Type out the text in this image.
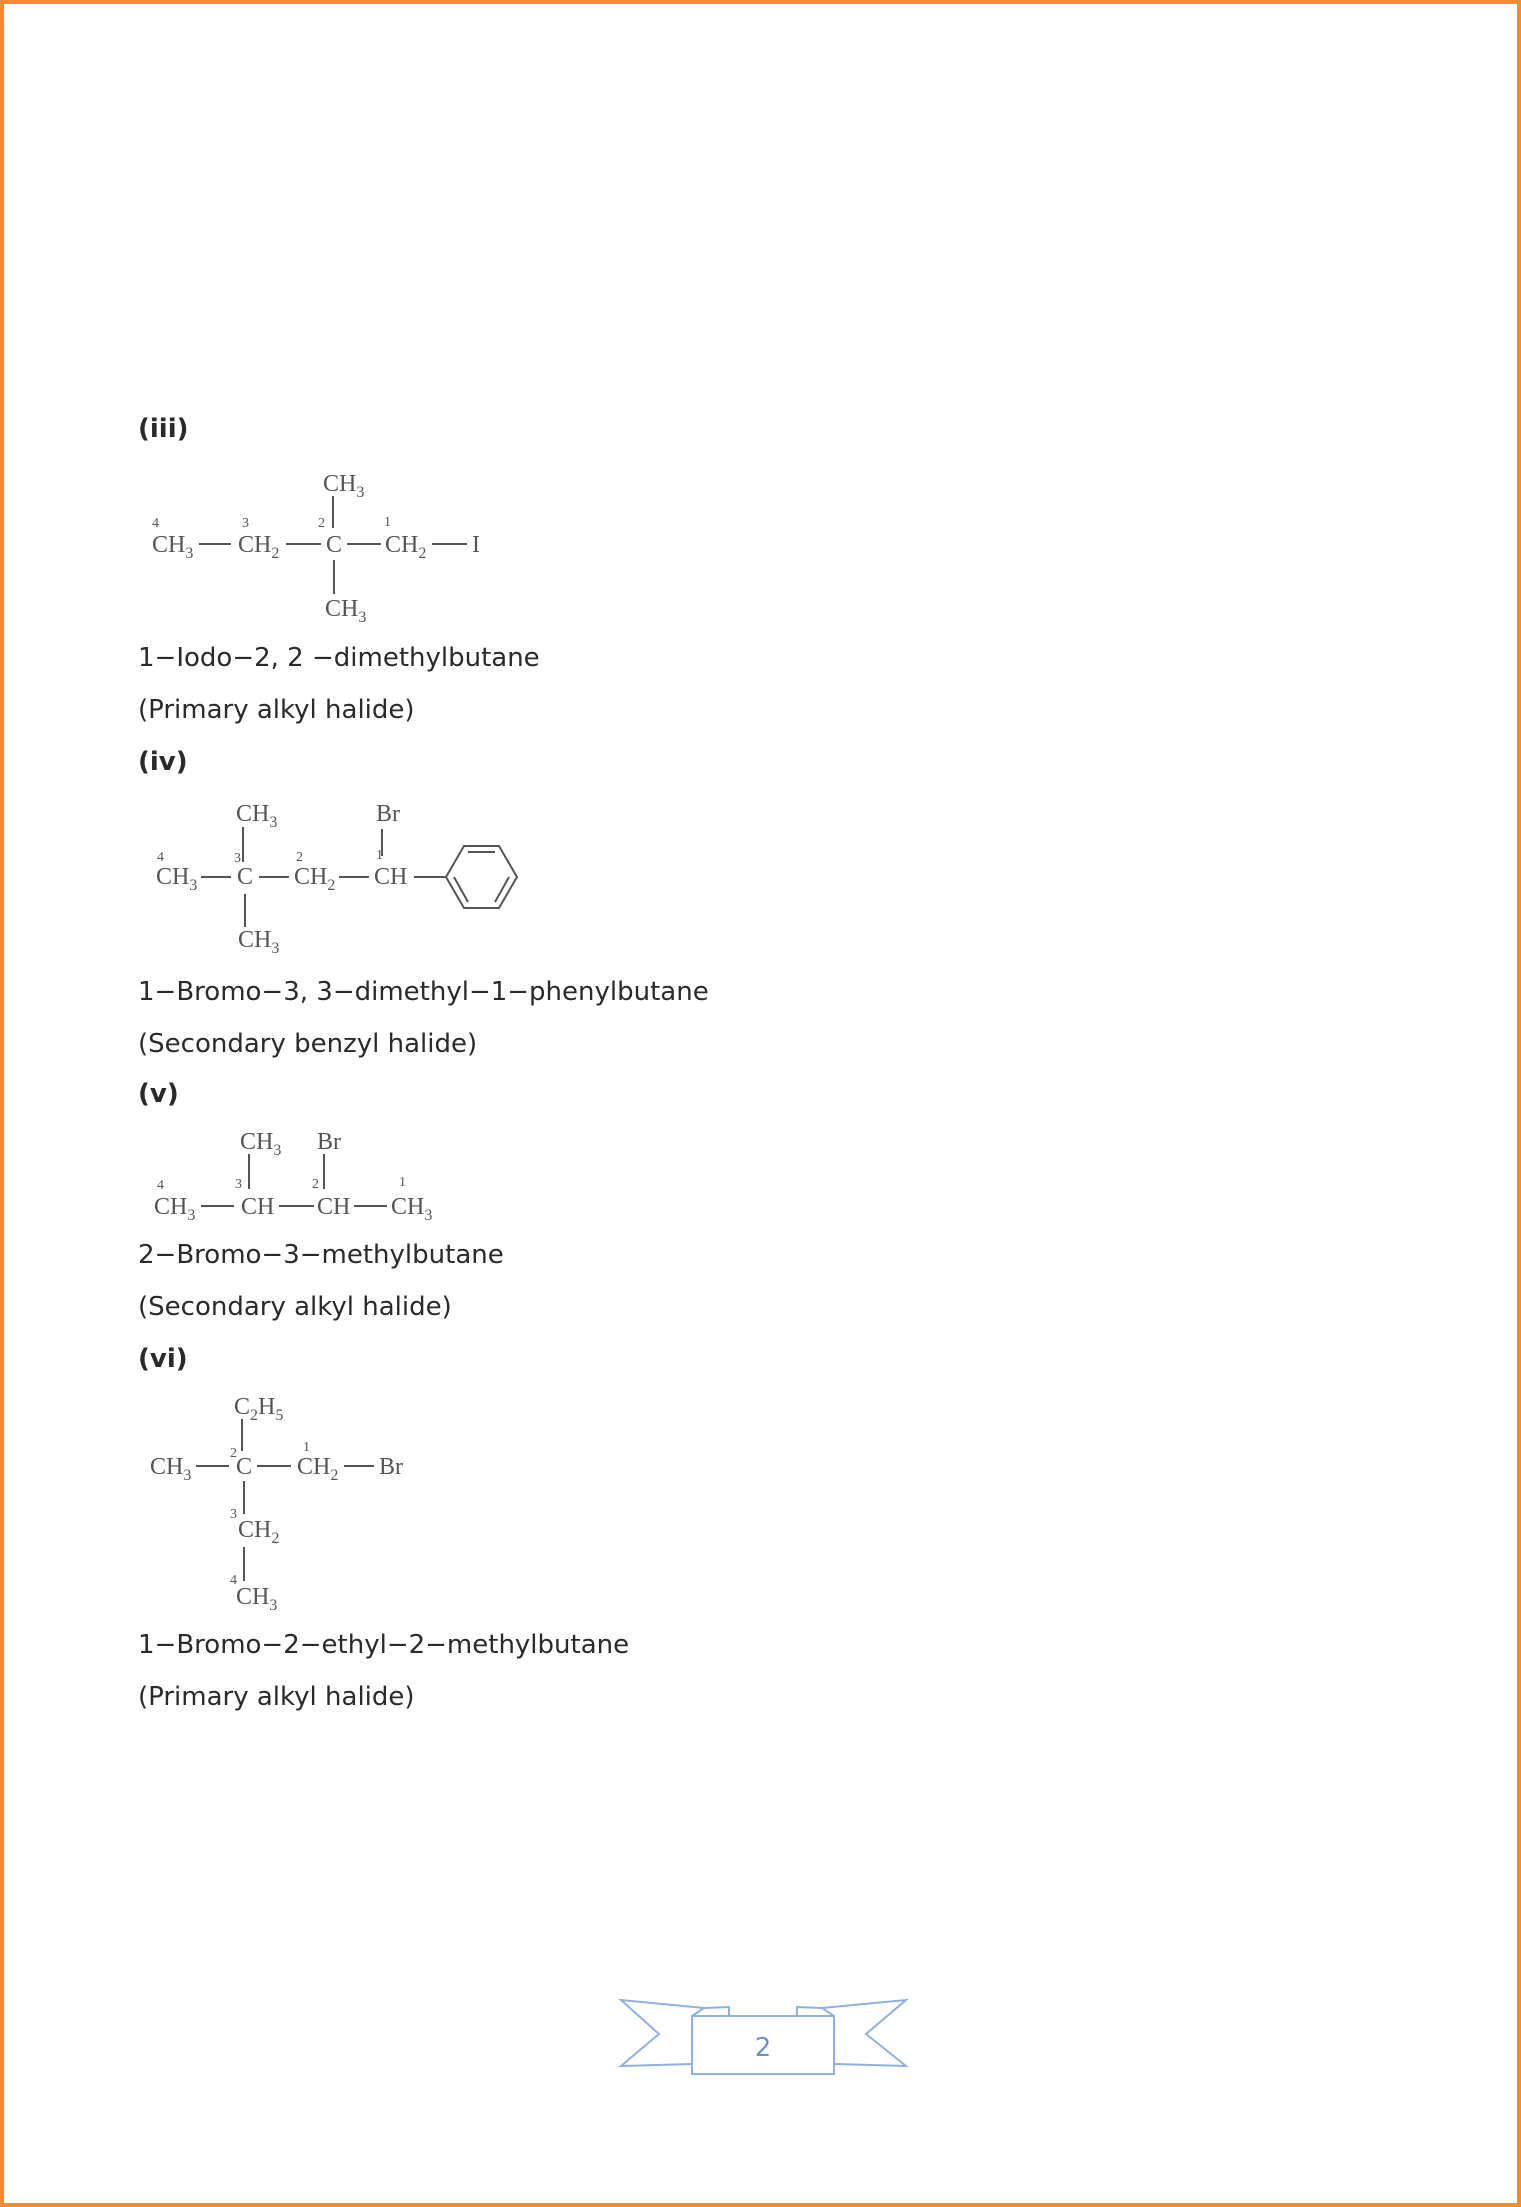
(iii)
4
$CH_3$
3
$CH_2$
2
C
$CH_3$
$CH_3$
1
$CH_2$ I
1−Iodo−2, 2 −dimethylbutane
(Primary alkyl halide)
(iv)
4
$CH_3$
3
C
$CH_3$
$CH_3$
2
$CH_2$
1
CH
Br
1−Bromo−3, 3−dimethyl−1−phenylbutane
(Secondary benzyl halide)
(v)
4
$CH_3$
3
CH
$CH_3$
2
CH
Br
1
$CH_3$
2−Bromo−3−methylbutane
(Secondary alkyl halide)
(vi)
$C_2H_5$
$CH_3$
2
C
1
$CH_2$ Br
3
$CH_2$
4
$CH_3$
1−Bromo−2−ethyl−2−methylbutane
(Primary alkyl halide)
2
